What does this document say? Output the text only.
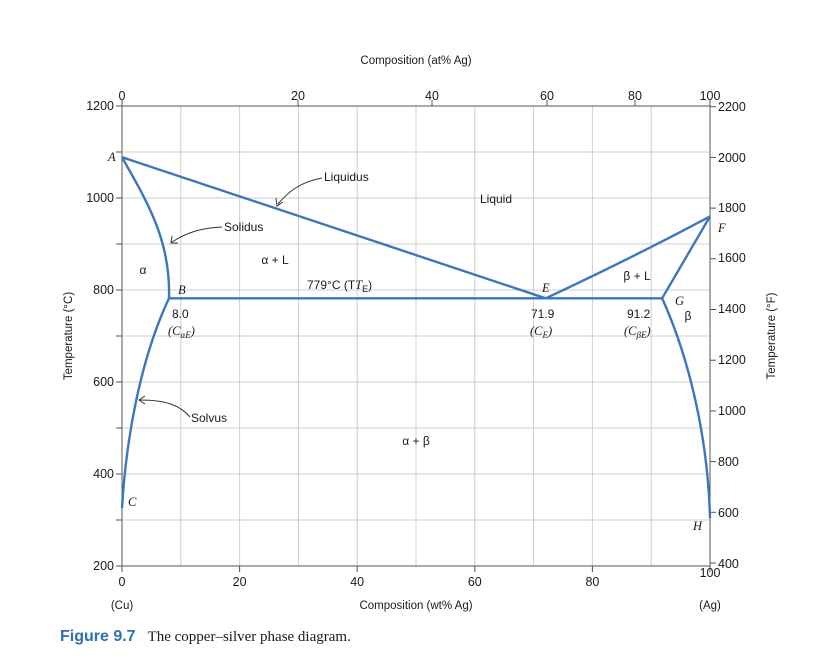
0	20	40	60	80
100
0	20	40	60	80	100
200
400
600
800
1000
1200
400
600
800
1000
1200
1400
1600
1800
2000
2200
Composition (at% Ag)
Composition (wt% Ag)
Temperature (°C)	Temperature (°F)
(Cu)	(Ag)
Liquid
α
β
α + L
β + L
α + β
A
B
C
E
F
G
H
Liquidus
Solidus
Solvus
779°C $(TT_E)$
8.0
$(C_{\alpha E})$
71.9
$(C_E)$
91.2
$(C_{\beta E})$
Figure 9.7 The copper–silver phase diagram.
